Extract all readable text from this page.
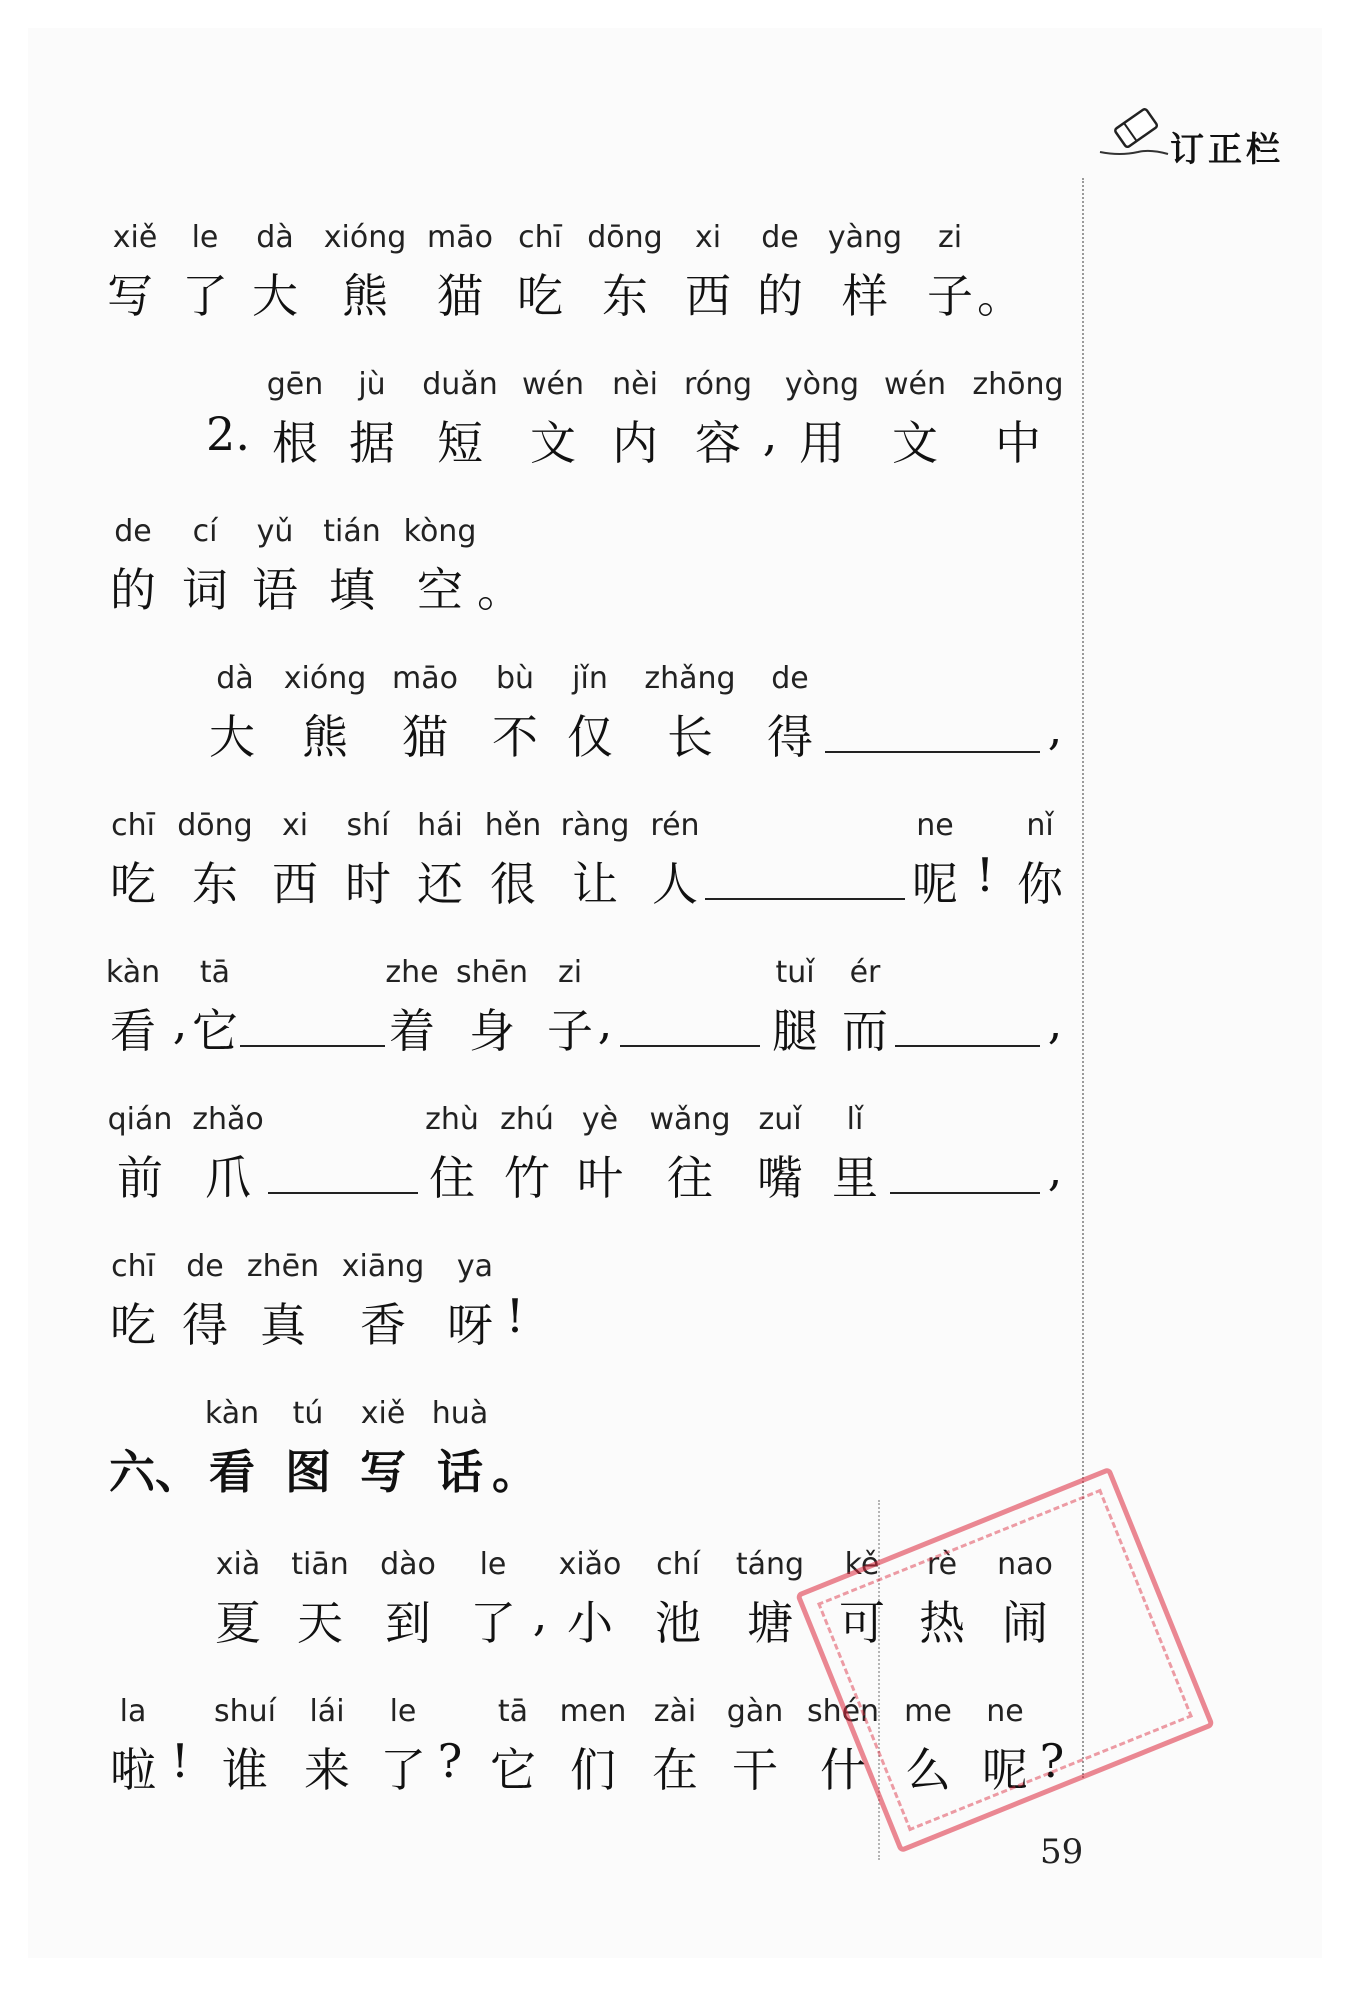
订正栏
xiě le dà xióng māo chī dōng xi de yàng zi
写 了 大 熊 猫 吃 东 西 的 样 子 。
gēn jù duǎn wén nèi róng yòng wén zhōng
2. 根 据 短 文 内 容 , 用 文 中
de cí yǔ tián kòng
的 词 语 填 空 。
dà xióng māo bù jǐn zhǎng de
大 熊 猫 不 仅 长 得	,
chī dōng xi shí hái hěn ràng rén	ne nǐ
吃 东 西 时 还 很 让 人	呢 ! 你
kàn tā	zhe shēn zi	tuǐ ér
看 , 它	着 身 子 ,	腿 而	,
qián zhǎo	zhù zhú yè wǎng zuǐ lǐ
前 爪	住 竹 叶 往 嘴 里	,
chī de zhēn xiāng ya
吃 得 真 香 呀 !
kàn tú xiě huà
六、 看 图 写 话 。
xià tiān dào le xiǎo chí táng kě rè nao
夏 天 到 了 , 小 池 塘 可 热 闹
la shuí lái le	tā men zài gàn shén me ne
啦 ! 谁 来 了 ? 它 们 在 干 什 么 呢 ?
59
